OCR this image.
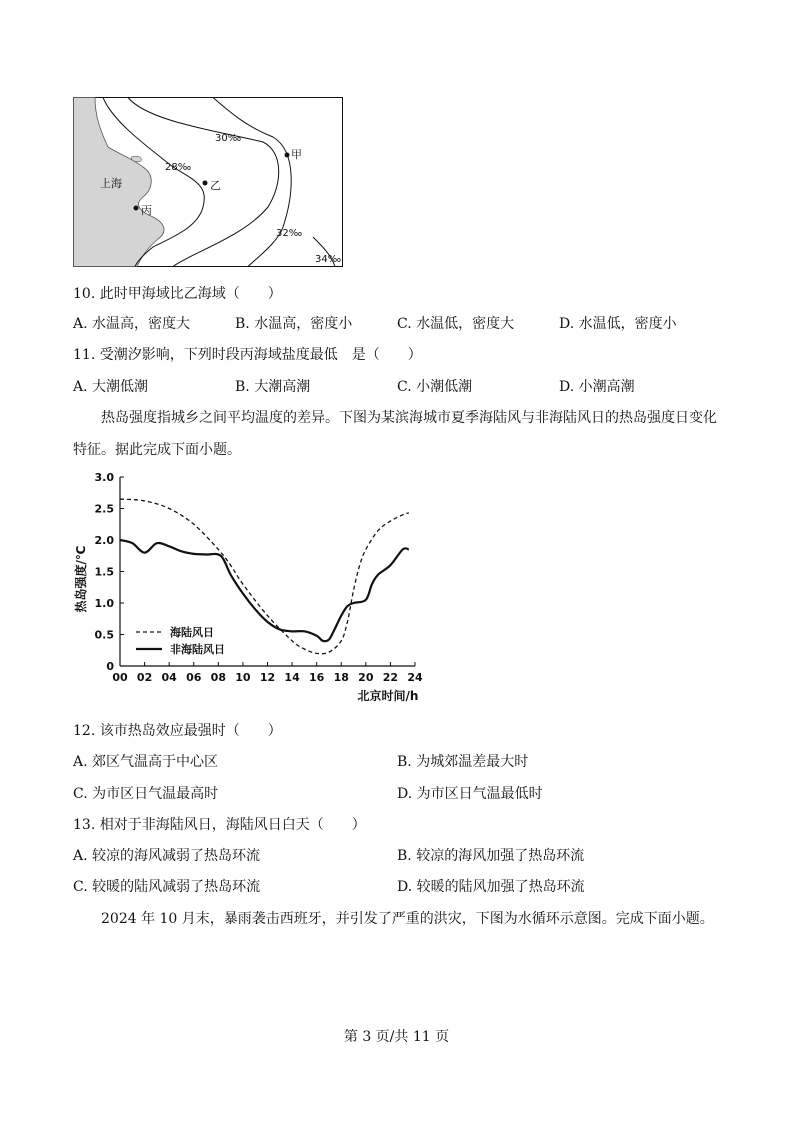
上海
甲
乙
丙
28‰
30‰
32‰
34‰
10. 此时甲海域比乙海域（　　）
A. 水温高，密度大	B. 水温高，密度小	C. 水温低，密度大	D. 水温低，密度小
11. 受潮汐影响，下列时段丙海域盐度最低　是（　　）
A. 大潮低潮	B. 大潮高潮	C. 小潮低潮	D. 小潮高潮
热岛强度指城乡之间平均温度的差异。下图为某滨海城市夏季海陆风与非海陆风日的热岛强度日变化
特征。据此完成下面小题。
00 02 04 06 08 10 12 14 16 18 20 22 24
0
0.5
1.0
1.5
2.0
2.5
3.0
海陆风日
非海陆风日
热岛强度/℃
北京时间/h
12. 该市热岛效应最强时（　　）
A. 郊区气温高于中心区	B. 为城郊温差最大时
C. 为市区日气温最高时	D. 为市区日气温最低时
13. 相对于非海陆风日，海陆风日白天（　　）
A. 较凉的海风减弱了热岛环流	B. 较凉的海风加强了热岛环流
C. 较暖的陆风减弱了热岛环流	D. 较暖的陆风加强了热岛环流
2024 年 10 月末，暴雨袭击西班牙，并引发了严重的洪灾，下图为水循环示意图。完成下面小题。
第 3 页/共 11 页
